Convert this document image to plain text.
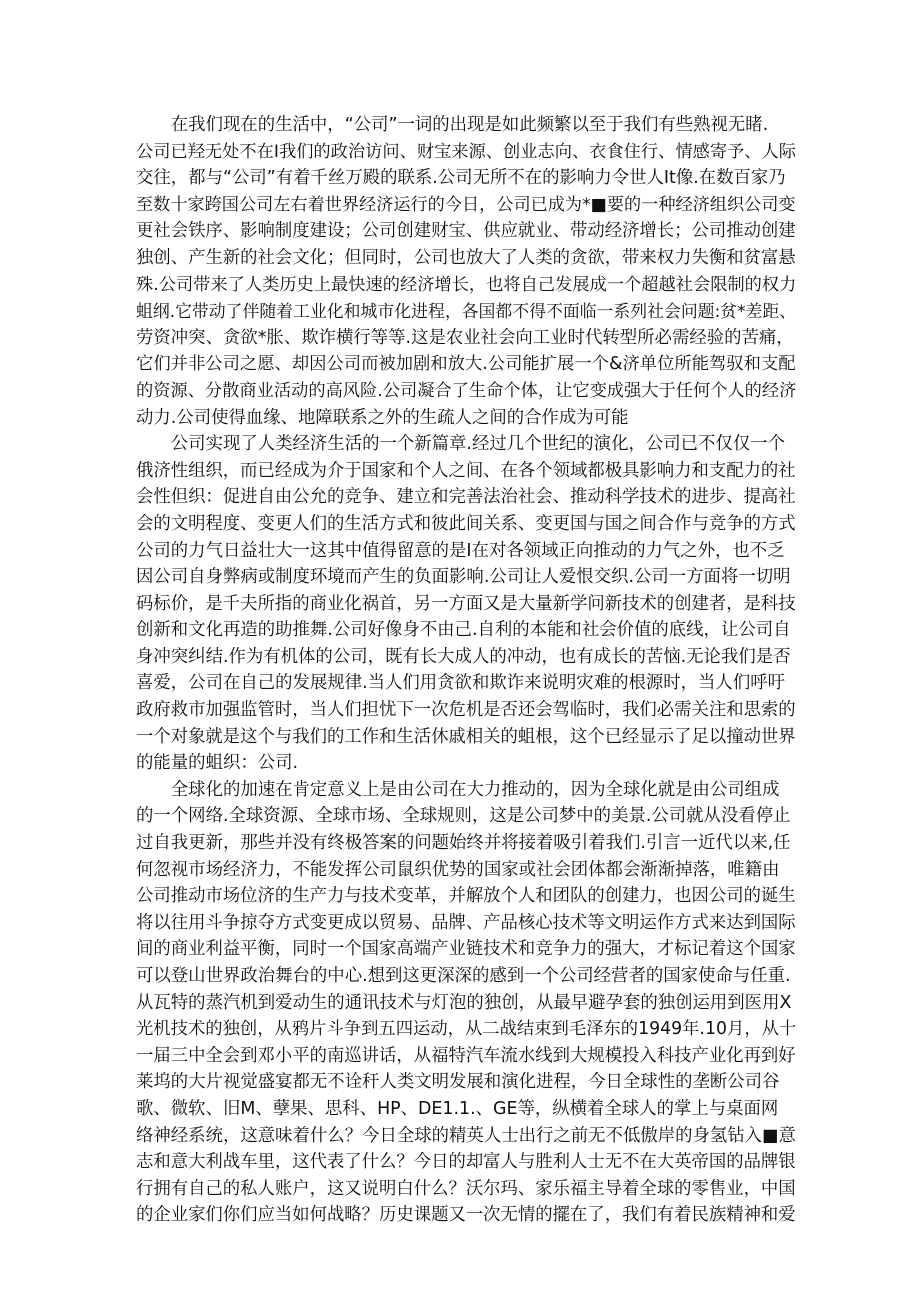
　　在我们现在的生活中，“公司”一词的出现是如此频繁以至于我们有些熟视无睹.
公司已羟无处不在I我们的政治访问、财宝来源、创业志向、衣食住行、情感寄予、人际
交往，都与“公司”有着千丝万殿的联系.公司无所不在的影响力令世人It像.在数百家乃
至数十家跨国公司左右着世界经济运行的今日，公司已成为*■要的一种经济组织公司变
更社会铁序、影响制度建设；公司创建财宝、供应就业、带动经济增长；公司推动创建
独创、产生新的社会文化；但同时，公司也放大了人类的贪欲，带来权力失衡和贫富悬
殊.公司带来了人类历史上最快速的经济增长，也将自己发展成一个超越社会限制的权力
蛆纲.它带动了伴随着工业化和城市化进程，各国都不得不面临一系列社会问题:贫*差距、
劳资冲突、贪欲*胀、欺诈横行等等.这是农业社会向工业时代转型所必需经验的苦痛，
它们并非公司之愿、却因公司而被加剧和放大.公司能扩展一个&济单位所能驾驭和支配
的资源、分散商业活动的高风险.公司凝合了生命个体，让它变成强大于任何个人的经济
动力.公司使得血缘、地障联系之外的生疏人之间的合作成为可能
　　公司实现了人类经济生活的一个新篇章.经过几个世纪的演化，公司已不仅仅一个
俄济性组织，而已经成为介于国家和个人之间、在各个领域都极具影响力和支配力的社
会性但织：促进自由公允的竞争、建立和完善法治社会、推动科学技术的进步、提高社
会的文明程度、变更人们的生活方式和彼此间关系、变更国与国之间合作与竞争的方式
公司的力气日益壮大一这其中值得留意的是I在对各领域正向推动的力气之外，也不乏
因公司自身弊病或制度环境而产生的负面影响.公司让人爱恨交织.公司一方面将一切明
码标价，是千夫所指的商业化祸首，另一方面又是大量新学问新技术的创建者，是科技
创新和文化再造的助推舞.公司好像身不由己.自利的本能和社会价值的底线，让公司自
身冲突纠结.作为有机体的公司，既有长大成人的冲动，也有成长的苦恼.无论我们是否
喜爱，公司在自己的发展规律.当人们用贪欲和欺诈来说明灾难的根源时，当人们呼吁
政府救市加强监管时，当人们担忧下一次危机是否还会驾临时，我们必需关注和思索的
一个对象就是这个与我们的工作和生活休戚相关的蛆根，这个已经显示了足以撞动世界
的能量的蛆织：公司.
　　全球化的加速在肯定意义上是由公司在大力推动的，因为全球化就是由公司组成
的一个网络.全球资源、全球市场、全球规则，这是公司梦中的美景.公司就从没看停止
过自我更新，那些并没有终极答案的问题始终并将接着吸引着我们.引言一近代以来,任
何忽视市场经济力，不能发挥公司鼠织优势的国家或社会团体都会渐渐掉落，唯籍由
公司推动市场位济的生产力与技术变革，并解放个人和团队的创建力，也因公司的诞生
将以往用斗争掠夺方式变更成以贸易、品牌、产品核心技术等文明运作方式来达到国际
间的商业利益平衡，同时一个国家高端产业链技术和竞争力的强大，才标记着这个国家
可以登山世界政治舞台的中心.想到这更深深的感到一个公司经营者的国家使命与任重.
从瓦特的蒸汽机到爱动生的通讯技术与灯泡的独创，从最早避孕套的独创运用到医用X
光机技术的独创，从鸦片斗争到五四运动，从二战结束到毛泽东的1949年.10月，从十
一届三中全会到邓小平的南巡讲话，从福特汽车流水线到大规模投入科技产业化再到好
莱坞的大片视觉盛宴都无不诠秆人类文明发展和演化进程，今日全球性的垄断公司谷
歌、微软、旧M、孽果、思科、HP、DE1.1.、GE等，纵横着全球人的掌上与桌面网
络神经系统，这意味着什么？今日全球的精英人士出行之前无不低傲岸的身氢钻入■意
志和意大利战车里，这代表了什么？今日的却富人与胜利人士无不在大英帝国的品牌银
行拥有自己的私人账户，这又说明白什么？沃尔玛、家乐福主导着全球的零售业，中国
的企业家们你们应当如何战略？历史课题又一次无情的擺在了，我们有着民族精神和爱
